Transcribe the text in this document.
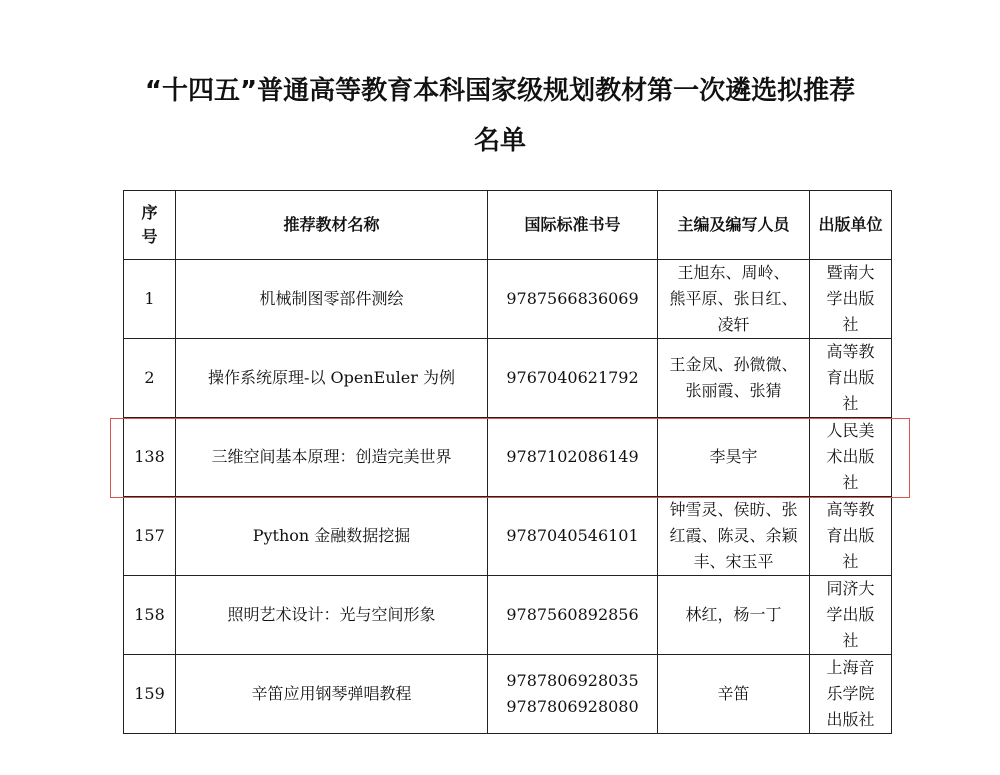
“十四五”普通高等教育本科国家级规划教材第一次遴选拟推荐
名单
序号	推荐教材名称	国际标准书号	主编及编写人员	出版单位

1	机械制图零部件测绘	9787566836069	王旭东、周岭、
熊平原、张日红、
凌轩	暨南大
学出版
社

2	操作系统原理-以 OpenEuler 为例	9767040621792	王金凤、孙微微、
张丽霞、张猜	高等教
育出版
社

138	三维空间基本原理：创造完美世界	9787102086149	李昊宇	人民美
术出版
社

157	Python 金融数据挖掘	9787040546101	钟雪灵、侯昉、张
红霞、陈灵、余颖
丰、宋玉平	高等教
育出版
社

158	照明艺术设计：光与空间形象	9787560892856	林红，杨一丁	同济大
学出版
社

159	辛笛应用钢琴弹唱教程	9787806928035
9787806928080	辛笛	上海音
乐学院
出版社
